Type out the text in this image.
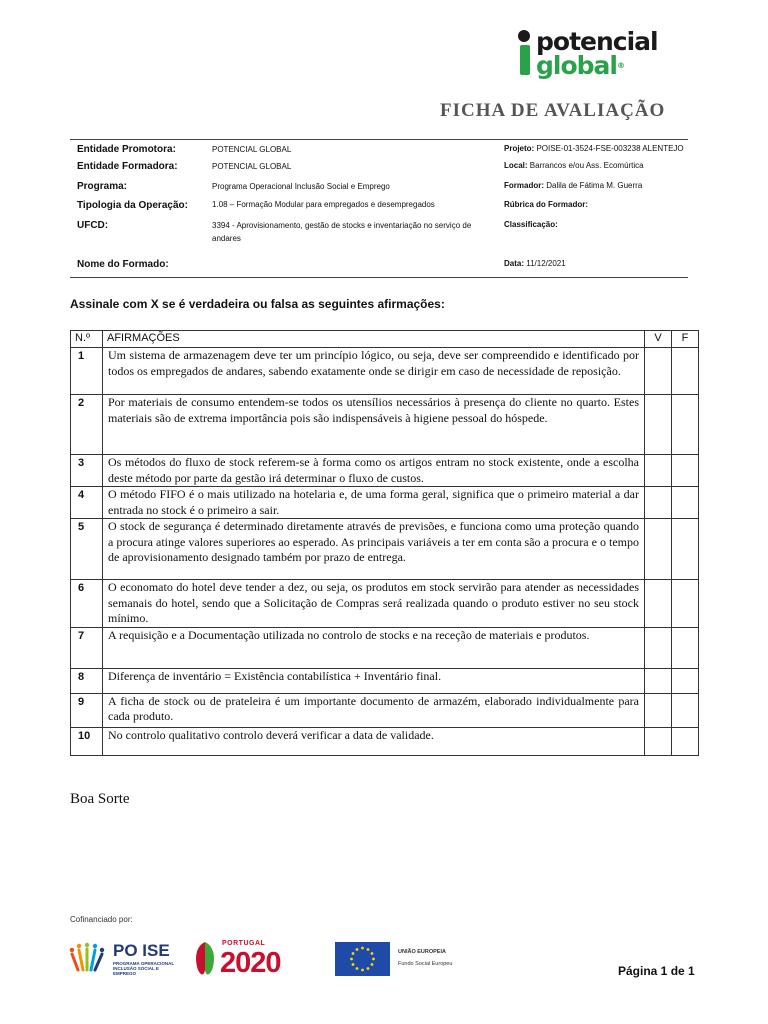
potencial
global®
FICHA DE AVALIAÇÃO
Entidade Promotora:	POTENCIAL GLOBAL	Projeto: POISE-01-3524-FSE-003238 ALENTEJO
Entidade Formadora:	POTENCIAL GLOBAL	Local: Barrancos e/ou Ass. Ecomúrtica
Programa:	Programa Operacional Inclusão Social e Emprego	Formador: Dalila de Fátima M. Guerra
Tipologia da Operação:	1.08 – Formação Modular para empregados e desempregados	Rúbrica do Formador:
UFCD:	3394 - Aprovisionamento, gestão de stocks e inventariação no serviço de andares
Classificação:
Nome do Formado:	Data: 11/12/2021
Assinale com X se é verdadeira ou falsa as seguintes afirmações:
N.º	AFIRMAÇÕES	V	F
1	Um sistema de armazenagem deve ter um princípio lógico, ou seja, deve ser compreendido e identificado por todos os empregados de andares, sabendo exatamente onde se dirigir em caso de necessidade de reposição.		
2	Por materiais de consumo entendem-se todos os utensílios necessários à presença do cliente no quarto. Estes materiais são de extrema importância pois são indispensáveis à higiene pessoal do hóspede.		
3	Os métodos do fluxo de stock referem-se à forma como os artigos entram no stock existente, onde a escolha deste método por parte da gestão irá determinar o fluxo de custos.		
4	O método FIFO é o mais utilizado na hotelaria e, de uma forma geral, significa que o primeiro material a dar entrada no stock é o primeiro a sair.		
5	O stock de segurança é determinado diretamente através de previsões, e funciona como uma proteção quando a procura atinge valores superiores ao esperado. As principais variáveis a ter em conta são a procura e o tempo de aprovisionamento designado também por prazo de entrega.		
6	O economato do hotel deve tender a dez, ou seja, os produtos em stock servirão para atender as necessidades semanais do hotel, sendo que a Solicitação de Compras será realizada quando o produto estiver no seu stock mínimo.		
7	A requisição e a Documentação utilizada no controlo de stocks e na receção de materiais e produtos.		
8	Diferença de inventário = Existência contabilística + Inventário final.		
9	A ficha de stock ou de prateleira é um importante documento de armazém, elaborado individualmente para cada produto.		
10	No controlo qualitativo controlo deverá verificar a data de validade.		
Boa Sorte
Cofinanciado por:
PO ISE
PROGRAMA OPERACIONAL INCLUSÃO SOCIAL E EMPREGO
PORTUGAL
2020	UNIÃO EUROPEIA
Fundo Social Europeu	Página 1 de 1
